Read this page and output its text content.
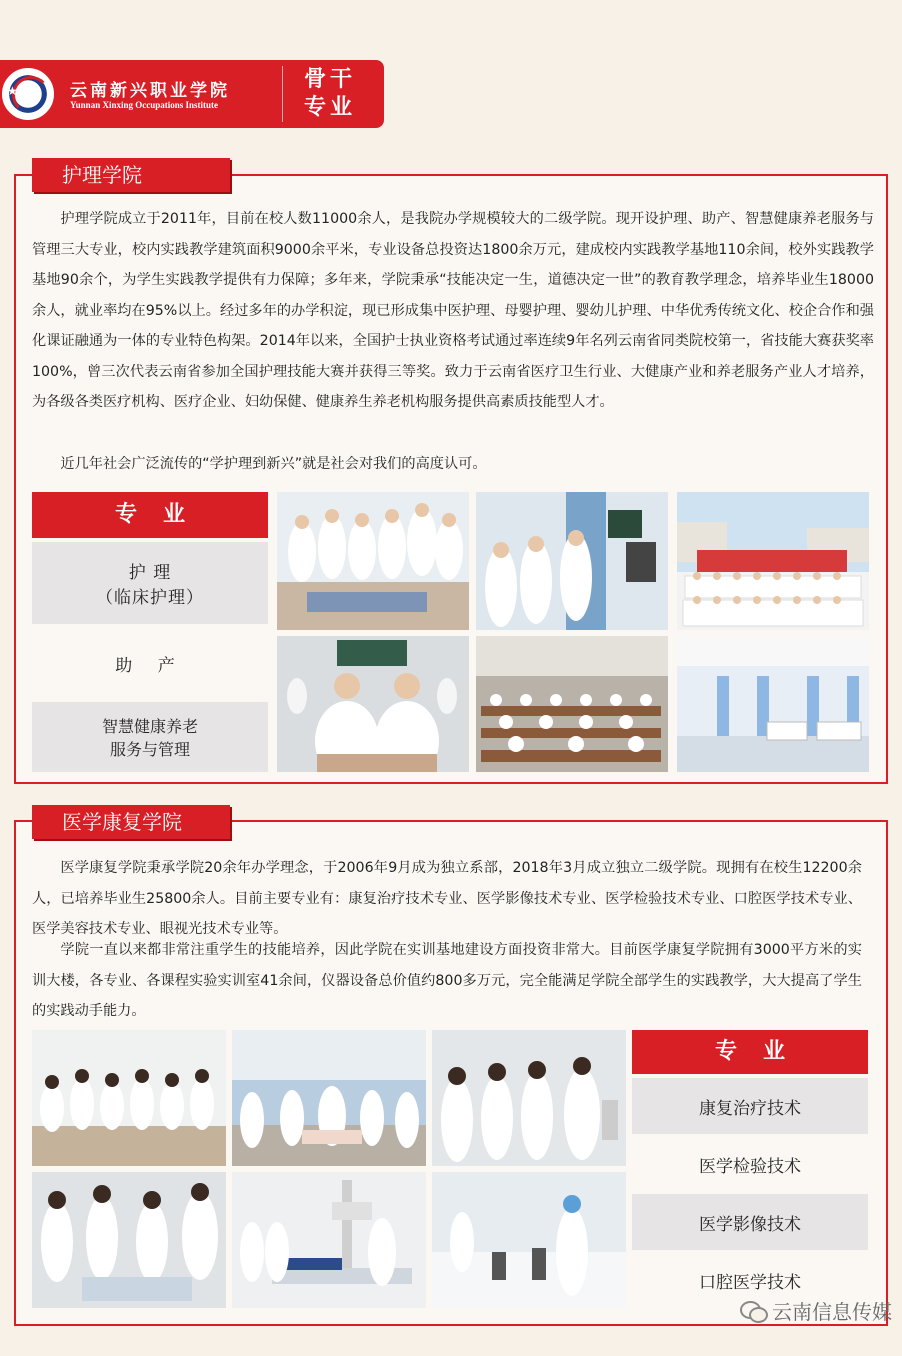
★	云南新兴职业学院
Yunnan Xinxing Occupations Institute
骨干
专业
护理学院

护理学院成立于2011年，目前在校人数11000余人，是我院办学规模较大的二级学院。现开设护理、助产、智慧健康养老服务与管理三大专业，校内实践教学建筑面积9000余平米，专业设备总投资达1800余万元，建成校内实践教学基地110余间，校外实践教学基地90余个，为学生实践教学提供有力保障；多年来，学院秉承“技能决定一生，道德决定一世”的教育教学理念，培养毕业生18000余人，就业率均在95%以上。经过多年的办学积淀，现已形成集中医护理、母婴护理、婴幼儿护理、中华优秀传统文化、校企合作和强化课证融通为一体的专业特色构架。2014年以来，全国护士执业资格考试通过率连续9年名列云南省同类院校第一，省技能大赛获奖率100%，曾三次代表云南省参加全国护理技能大赛并获得三等奖。致力于云南省医疗卫生行业、大健康产业和养老服务产业人才培养，为各级各类医疗机构、医疗企业、妇幼保健、健康养生养老机构服务提供高素质技能型人才。

近几年社会广泛流传的“学护理到新兴”就是社会对我们的高度认可。

专业
护 理
（临床护理）
助 产
智慧健康养老
服务与管理
医学康复学院

医学康复学院秉承学院20余年办学理念，于2006年9月成为独立系部，2018年3月成立独立二级学院。现拥有在校生12200余人，已培养毕业生25800余人。目前主要专业有：康复治疗技术专业、医学影像技术专业、医学检验技术专业、口腔医学技术专业、医学美容技术专业、眼视光技术专业等。

学院一直以来都非常注重学生的技能培养，因此学院在实训基地建设方面投资非常大。目前医学康复学院拥有3000平方米的实训大楼，各专业、各课程实验实训室41余间，仪器设备总价值约800多万元，完全能满足学院全部学生的实践教学，大大提高了学生的实践动手能力。

专业
康复治疗技术
医学检验技术
医学影像技术
口腔医学技术
云南信息传媒
